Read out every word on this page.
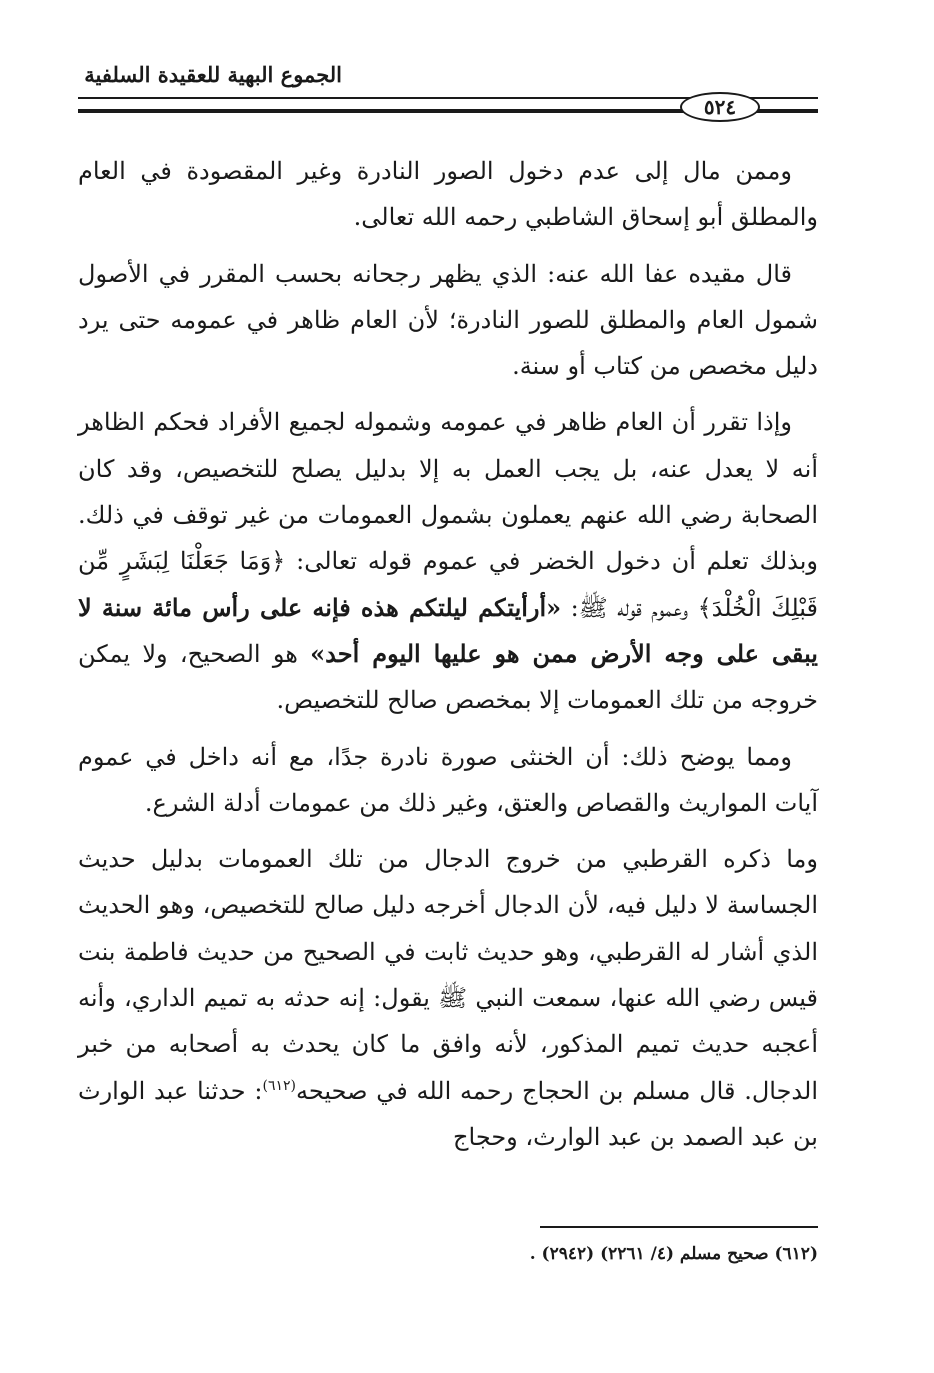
الجموع البهية للعقيدة السلفية
٥٢٤

وممن مال إلى عدم دخول الصور النادرة وغير المقصودة في العام والمطلق أبو إسحاق الشاطبي رحمه الله تعالى.

قال مقيده عفا الله عنه: الذي يظهر رجحانه بحسب المقرر في الأصول شمول العام والمطلق للصور النادرة؛ لأن العام ظاهر في عمومه حتى يرد دليل مخصص من كتاب أو سنة.

وإذا تقرر أن العام ظاهر في عمومه وشموله لجميع الأفراد فحكم الظاهر أنه لا يعدل عنه، بل يجب العمل به إلا بدليل يصلح للتخصيص، وقد كان الصحابة رضي الله عنهم يعملون بشمول العمومات من غير توقف في ذلك. وبذلك تعلم أن دخول الخضر في عموم قوله تعالى: ﴿وَمَا جَعَلْنَا لِبَشَرٍ مِّن قَبْلِكَ الْخُلْدَ﴾ وعموم قوله ﷺ: «أرأيتكم ليلتكم هذه فإنه على رأس مائة سنة لا يبقى على وجه الأرض ممن هو عليها اليوم أحد» هو الصحيح، ولا يمكن خروجه من تلك العمومات إلا بمخصص صالح للتخصيص.

ومما يوضح ذلك: أن الخنثى صورة نادرة جدًا، مع أنه داخل في عموم آيات المواريث والقصاص والعتق، وغير ذلك من عمومات أدلة الشرع.

وما ذكره القرطبي من خروج الدجال من تلك العمومات بدليل حديث الجساسة لا دليل فيه، لأن الدجال أخرجه دليل صالح للتخصيص، وهو الحديث الذي أشار له القرطبي، وهو حديث ثابت في الصحيح من حديث فاطمة بنت قيس رضي الله عنها، سمعت النبي ﷺ يقول: إنه حدثه به تميم الداري، وأنه أعجبه حديث تميم المذكور، لأنه وافق ما كان يحدث به أصحابه من خبر الدجال. قال مسلم بن الحجاج رحمه الله في صحيحه$^{(٦١٢)}$: حدثنا عبد الوارث بن عبد الصمد بن عبد الوارث، وحجاج

(٦١٢) صحيح مسلم (٤/ ٢٢٦١) (٢٩٤٢) .
